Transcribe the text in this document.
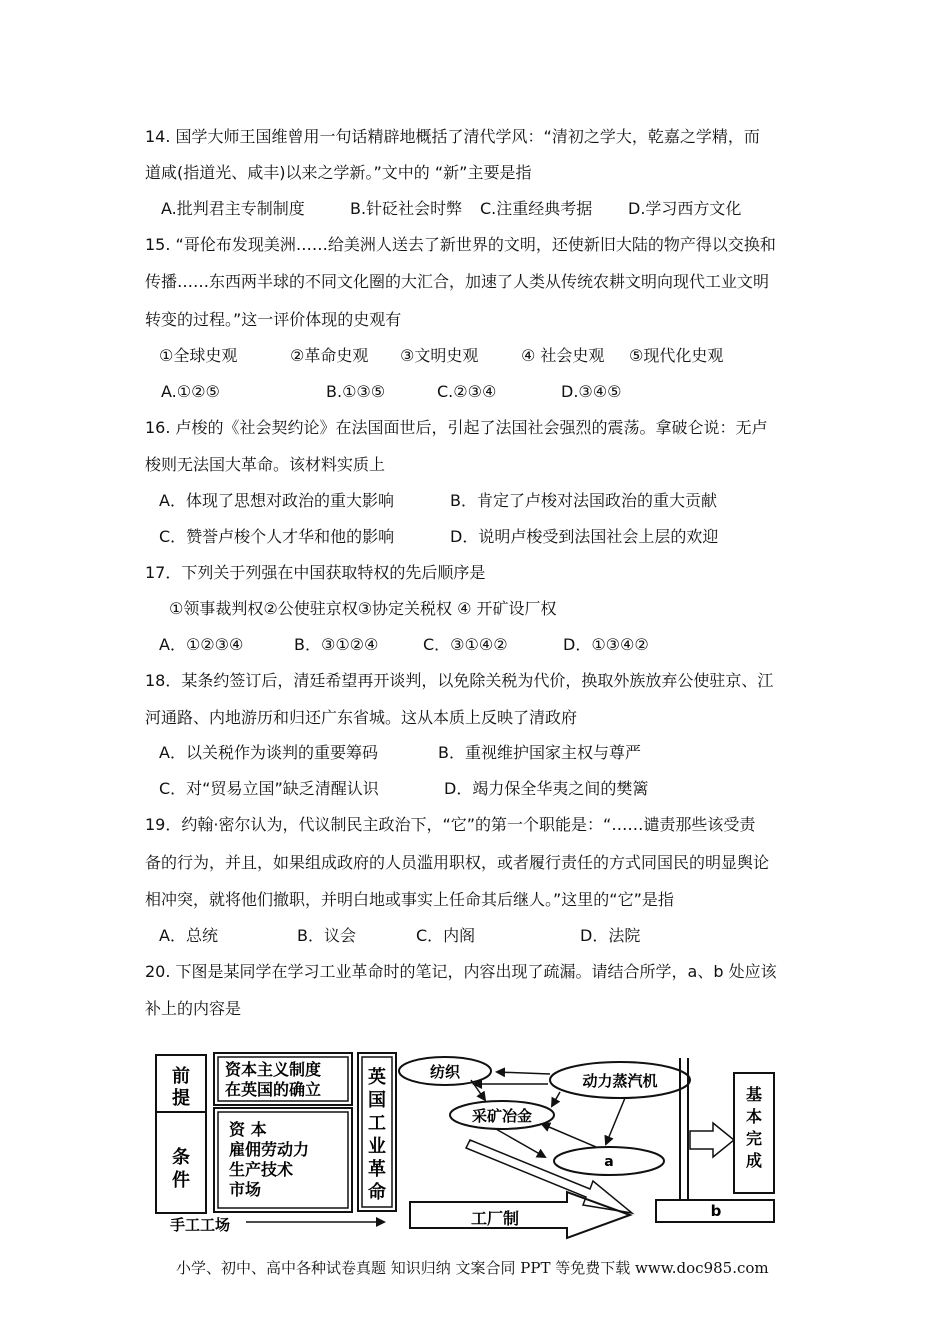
14. 国学大师王国维曾用一句话精辟地概括了清代学风：“清初之学大，乾嘉之学精，而
道咸(指道光、咸丰)以来之学新。”文中的 “新”主要是指
A.批判君主专制制度	B.针砭社会时弊 C.注重经典考据 D.学习西方文化
15. “哥伦布发现美洲……给美洲人送去了新世界的文明，还使新旧大陆的物产得以交换和
传播……东西两半球的不同文化圈的大汇合，加速了人类从传统农耕文明向现代工业文明
转变的过程。”这一评价体现的史观有
①全球史观	②革命史观 ③文明史观	④ 社会史观 ⑤现代化史观
A.①②⑤	B.①③⑤	C.②③④	D.③④⑤
16. 卢梭的《社会契约论》在法国面世后，引起了法国社会强烈的震荡。拿破仑说：无卢
梭则无法国大革命。该材料实质上
A．体现了思想对政治的重大影响	B．肯定了卢梭对法国政治的重大贡献
C．赞誉卢梭个人才华和他的影响	D．说明卢梭受到法国社会上层的欢迎
17．下列关于列强在中国获取特权的先后顺序是
①领事裁判权②公使驻京权③协定关税权 ④ 开矿设厂权
A．①②③④	B．③①②④	C．③①④②	D．①③④②
18．某条约签订后，清廷希望再开谈判，以免除关税为代价，换取外族放弃公使驻京、江
河通路、内地游历和归还广东省城。这从本质上反映了清政府
A．以关税作为谈判的重要筹码	B．重视维护国家主权与尊严
C．对“贸易立国”缺乏清醒认识	D．竭力保全华夷之间的樊篱
19．约翰·密尔认为，代议制民主政治下，“它”的第一个职能是：“……谴责那些该受责
备的行为，并且，如果组成政府的人员滥用职权，或者履行责任的方式同国民的明显舆论
相冲突，就将他们撤职，并明白地或事实上任命其后继人。”这里的“它”是指
A．总统	B．议会	C．内阁	D．法院
20. 下图是某同学在学习工业革命时的笔记，内容出现了疏漏。请结合所学，a、b 处应该
补上的内容是
前
提
条
件
资本主义制度
在英国的确立
资 本
雇佣劳动力
生产技术
市场
英
国
工
业
革
命
纺织	动力蒸汽机
采矿冶金
a
手工工场	工厂制
基
本
完
成
b
小学、初中、高中各种试卷真题 知识归纳 文案合同 PPT 等免费下载 www.doc985.com
